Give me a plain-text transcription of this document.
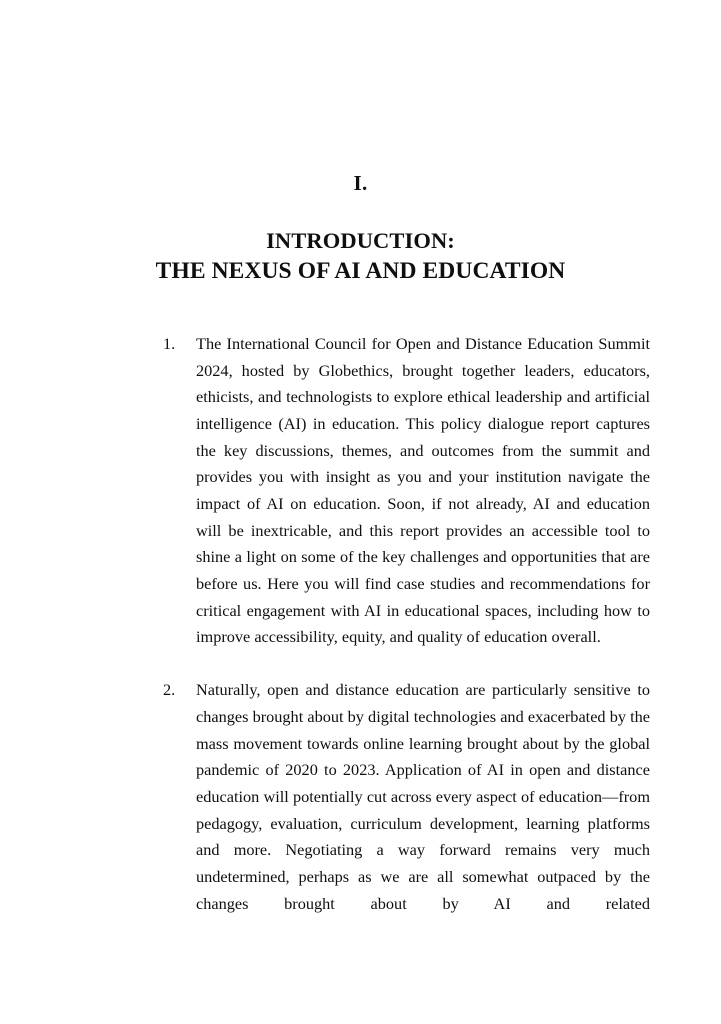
I.
INTRODUCTION:
THE NEXUS OF AI AND EDUCATION
1.	The International Council for Open and Distance Education Summit 2024, hosted by Globethics, brought together leaders, educators, ethicists, and technologists to explore ethical leadership and artificial intelligence (AI) in education. This policy dialogue report captures the key discussions, themes, and outcomes from the summit and provides you with insight as you and your institution navigate the impact of AI on education. Soon, if not already, AI and education will be inextricable, and this report provides an accessible tool to shine a light on some of the key challenges and opportunities that are before us. Here you will find case studies and recommendations for critical engagement with AI in educational spaces, including how to improve accessibility, equity, and quality of education overall.
2.	Naturally, open and distance education are particularly sensitive to changes brought about by digital technologies and exacerbated by the mass movement towards online learning brought about by the global pandemic of 2020 to 2023. Application of AI in open and distance education will potentially cut across every aspect of education—from pedagogy, evaluation, curriculum development, learning platforms and more. Negotiating a way forward remains very much undetermined, perhaps as we are all somewhat outpaced by the changes brought about by AI and related
